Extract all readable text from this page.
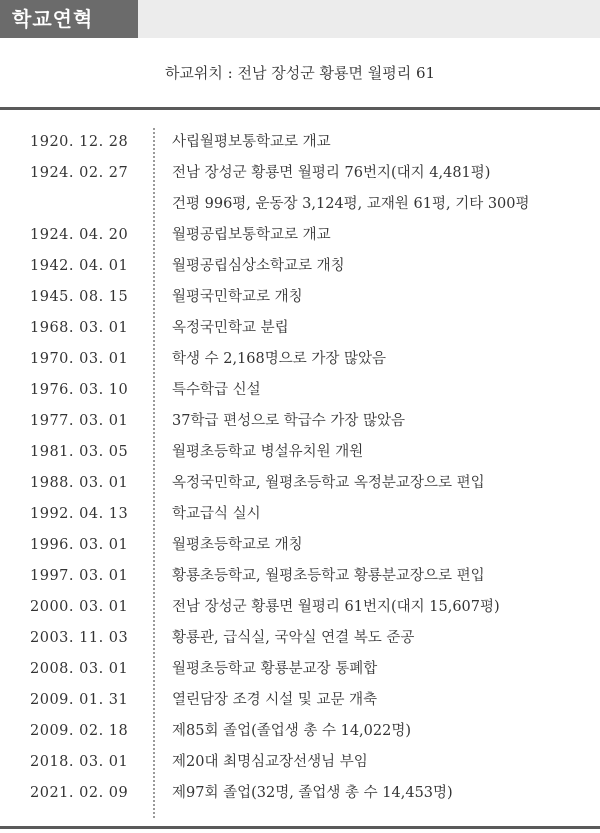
학교연혁
하교위치 : 전남 장성군 황룡면 월평리 61
1920. 12. 28	사립월평보통학교로 개교
1924. 02. 27	전남 장성군 황룡면 월평리 76번지(대지 4,481평)
건평 996평, 운동장 3,124평, 교재원 61평, 기타 300평
1924. 04. 20	월평공립보통학교로 개교
1942. 04. 01	월평공립심상소학교로 개칭
1945. 08. 15	월평국민학교로 개칭
1968. 03. 01	옥정국민학교 분립
1970. 03. 01	학생 수 2,168명으로 가장 많았음
1976. 03. 10	특수학급 신설
1977. 03. 01	37학급 편성으로 학급수 가장 많았음
1981. 03. 05	월평초등학교 병설유치원 개원
1988. 03. 01	옥정국민학교, 월평초등학교 옥정분교장으로 편입
1992. 04. 13	학교급식 실시
1996. 03. 01	월평초등학교로 개칭
1997. 03. 01	황룡초등학교, 월평초등학교 황룡분교장으로 편입
2000. 03. 01	전남 장성군 황룡면 월평리 61번지(대지 15,607평)
2003. 11. 03	황룡관, 급식실, 국악실 연결 복도 준공
2008. 03. 01	월평초등학교 황룡분교장 통폐합
2009. 01. 31	열린담장 조경 시설 및 교문 개축
2009. 02. 18	제85회 졸업(졸업생 총 수 14,022명)
2018. 03. 01	제20대 최명심교장선생님 부임
2021. 02. 09	제97회 졸업(32명, 졸업생 총 수 14,453명)
